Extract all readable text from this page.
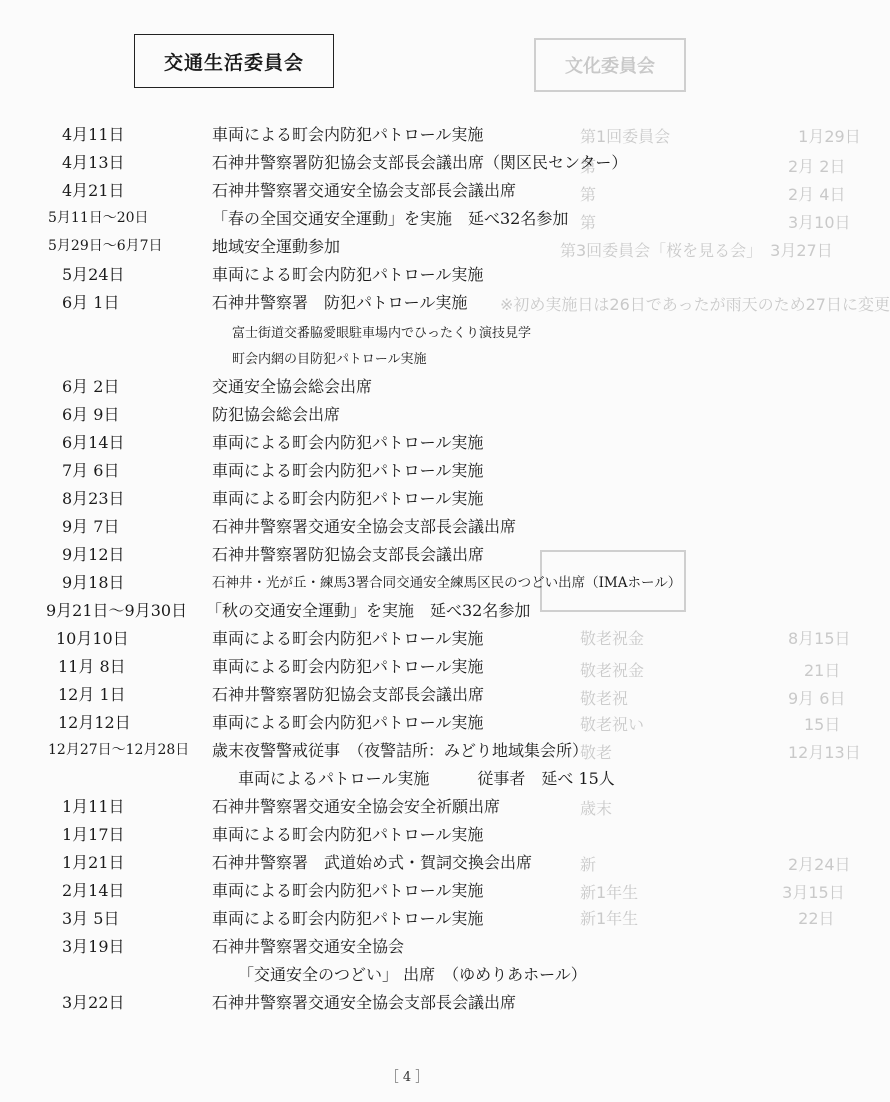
文化委員会
第1回委員会　　　　　　　　1月29日
第　　　　　　　　　　　　2月 2日
第　　　　　　　　　　　　2月 4日
第　　　　　　　　　　　　3月10日
第3回委員会「桜を見る会」　3月27日
※初め実施日は26日であったが雨天のため27日に変更
敬老祝金　　　　　　　　　8月15日
敬老祝金　　　　　　　　　　21日
敬老祝　　　　　　　　　　9月 6日
敬老祝い　　　　　　　　　　15日
敬老　　　　　　　　　　　12月13日
歳末
新　　　　　　　　　　　　2月24日
新1年生　　　　　　　　　3月15日
新1年生　　　　　　　　　　22日
交通生活委員会
4月11日	車両による町会内防犯パトロール実施
4月13日	石神井警察署防犯協会支部長会議出席（関区民センター）
4月21日	石神井警察署交通安全協会支部長会議出席
5月11日～20日	「春の全国交通安全運動」を実施　延べ32名参加
5月29日～6月7日	地域安全運動参加
5月24日	車両による町会内防犯パトロール実施
6月 1日	石神井警察署　防犯パトロール実施
富士街道交番脇愛眼駐車場内でひったくり演技見学
町会内網の目防犯パトロール実施
6月 2日	交通安全協会総会出席
6月 9日	防犯協会総会出席
6月14日	車両による町会内防犯パトロール実施
7月 6日	車両による町会内防犯パトロール実施
8月23日	車両による町会内防犯パトロール実施
9月 7日	石神井警察署交通安全協会支部長会議出席
9月12日	石神井警察署防犯協会支部長会議出席
9月18日	石神井・光が丘・練馬3署合同交通安全練馬区民のつどい出席（IMAホール）
9月21日～9月30日 「秋の交通安全運動」を実施　延べ32名参加
10月10日	車両による町会内防犯パトロール実施
11月 8日	車両による町会内防犯パトロール実施
12月 1日	石神井警察署防犯協会支部長会議出席
12月12日	車両による町会内防犯パトロール実施
12月27日～12月28日 歳末夜警警戒従事　（夜警詰所：みどり地域集会所）
車両によるパトロール実施　　　従事者　延べ 15人
1月11日	石神井警察署交通安全協会安全祈願出席
1月17日	車両による町会内防犯パトロール実施
1月21日	石神井警察署　武道始め式・賀詞交換会出席
2月14日	車両による町会内防犯パトロール実施
3月 5日	車両による町会内防犯パトロール実施
3月19日	石神井警察署交通安全協会
「交通安全のつどい」 出席　（ゆめりあホール）
3月22日	石神井警察署交通安全協会支部長会議出席
［ 4 ］
